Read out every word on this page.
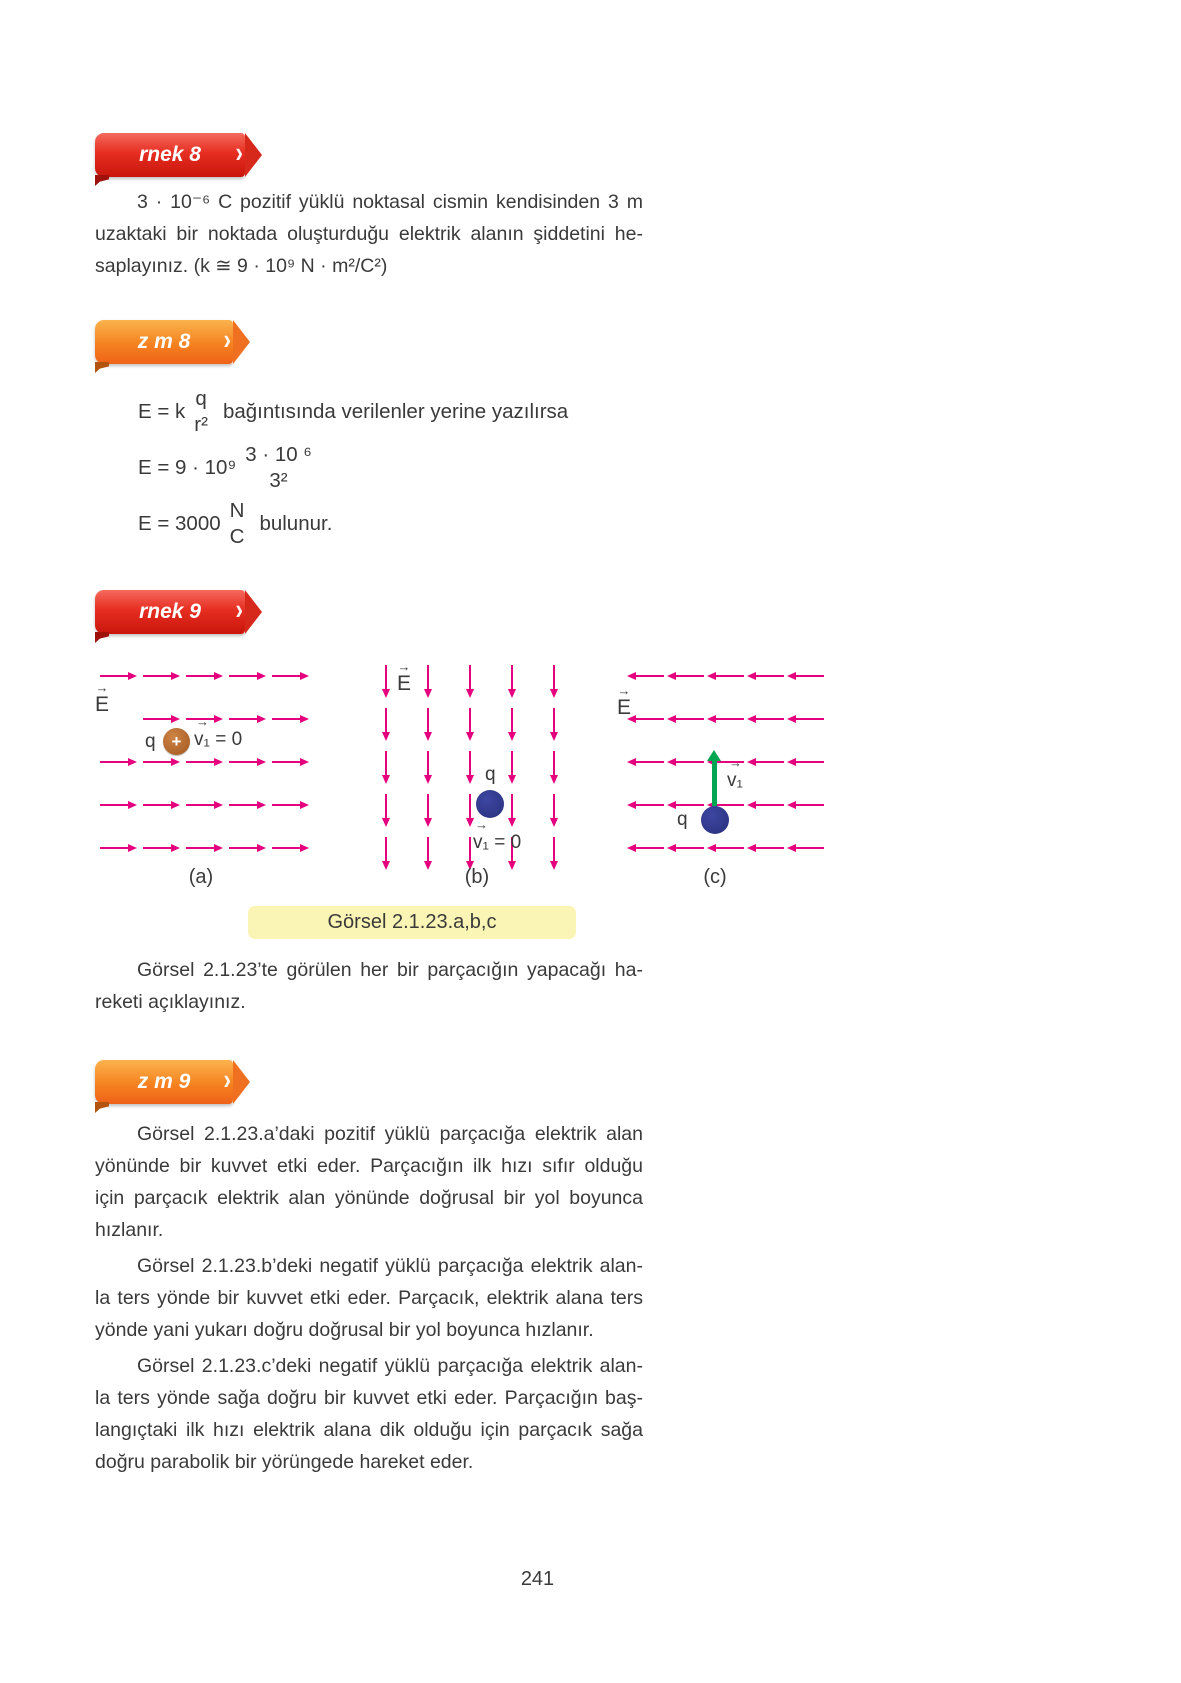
rnek 8 ›
3 · 10⁻⁶ C pozitif yüklü noktasal cismin kendisinden 3 m
uzaktaki bir noktada oluşturduğu elektrik alanın şiddetini he-
saplayınız. (k ≅ 9 · 10⁹ N · m²/C²)
z m 8 ›
E = k
q
r²
bağıntısında verilenler yerine yazılırsa
E = 9 · 10⁹
3 · 10 ⁶
3²
E = 3000
N
C
bulunur.
rnek 9 ›
→
E
q +
→
v₁ = 0
→
E
q
→
v₁ = 0
→
E
→
v₁
q
(a)	(b)	(c)
Görsel 2.1.23.a,b,c
Görsel 2.1.23’te görülen her bir parçacığın yapacağı ha-
reketi açıklayınız.
z m 9 ›
Görsel 2.1.23.a’daki pozitif yüklü parçacığa elektrik alan
yönünde bir kuvvet etki eder. Parçacığın ilk hızı sıfır olduğu
için parçacık elektrik alan yönünde doğrusal bir yol boyunca
hızlanır.
Görsel 2.1.23.b’deki negatif yüklü parçacığa elektrik alan-
la ters yönde bir kuvvet etki eder. Parçacık, elektrik alana ters
yönde yani yukarı doğru doğrusal bir yol boyunca hızlanır.
Görsel 2.1.23.c’deki negatif yüklü parçacığa elektrik alan-
la ters yönde sağa doğru bir kuvvet etki eder. Parçacığın baş-
langıçtaki ilk hızı elektrik alana dik olduğu için parçacık sağa
doğru parabolik bir yörüngede hareket eder.
241
